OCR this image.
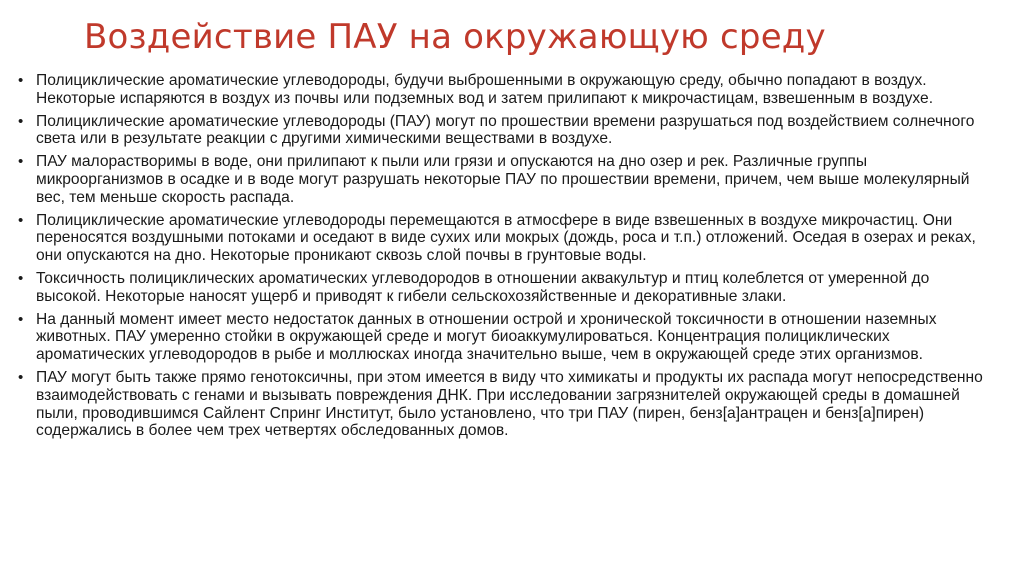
Воздействие ПАУ на окружающую среду
• Полициклические ароматические углеводороды, будучи выброшенными в окружающую среду, обычно попадают в воздух. Некоторые испаряются в воздух из почвы или подземных вод и затем прилипают к микрочастицам, взвешенным в воздухе.
• Полициклические ароматические углеводороды (ПАУ) могут по прошествии времени разрушаться под воздействием солнечного света или в результате реакции с другими химическими веществами в воздухе.
• ПАУ малорастворимы в воде, они прилипают к пыли или грязи и опускаются на дно озер и рек. Различные группы микроорганизмов в осадке и в воде могут разрушать некоторые ПАУ по прошествии времени, причем, чем выше молекулярный вес, тем меньше скорость распада.
• Полициклические ароматические углеводороды перемещаются в атмосфере в виде взвешенных в воздухе микрочастиц. Они переносятся воздушными потоками и оседают в виде сухих или мокрых (дождь, роса и т.п.) отложений. Оседая в озерах и реках, они опускаются на дно. Некоторые проникают сквозь слой почвы в грунтовые воды.
• Токсичность полициклических ароматических углеводородов в отношении аквакультур и птиц колеблется от умеренной до высокой. Некоторые наносят ущерб и приводят к гибели сельскохозяйственные и декоративные злаки.
• На данный момент имеет место недостаток данных в отношении острой и хронической токсичности в отношении наземных животных. ПАУ умеренно стойки в окружающей среде и могут биоаккумулироваться. Концентрация полициклических ароматических углеводородов в рыбе и моллюсках иногда значительно выше, чем в окружающей среде этих организмов.
• ПАУ могут быть также прямо генотоксичны, при этом имеется в виду что химикаты и продукты их распада могут непосредственно взаимодействовать с генами и вызывать повреждения ДНК. При исследовании загрязнителей окружающей среды в домашней пыли, проводившимся Сайлент Спринг Институт, было установлено, что три ПАУ (пирен, бенз[а]антрацен и бенз[а]пирен) содержались в более чем трех четвертях обследованных домов.
